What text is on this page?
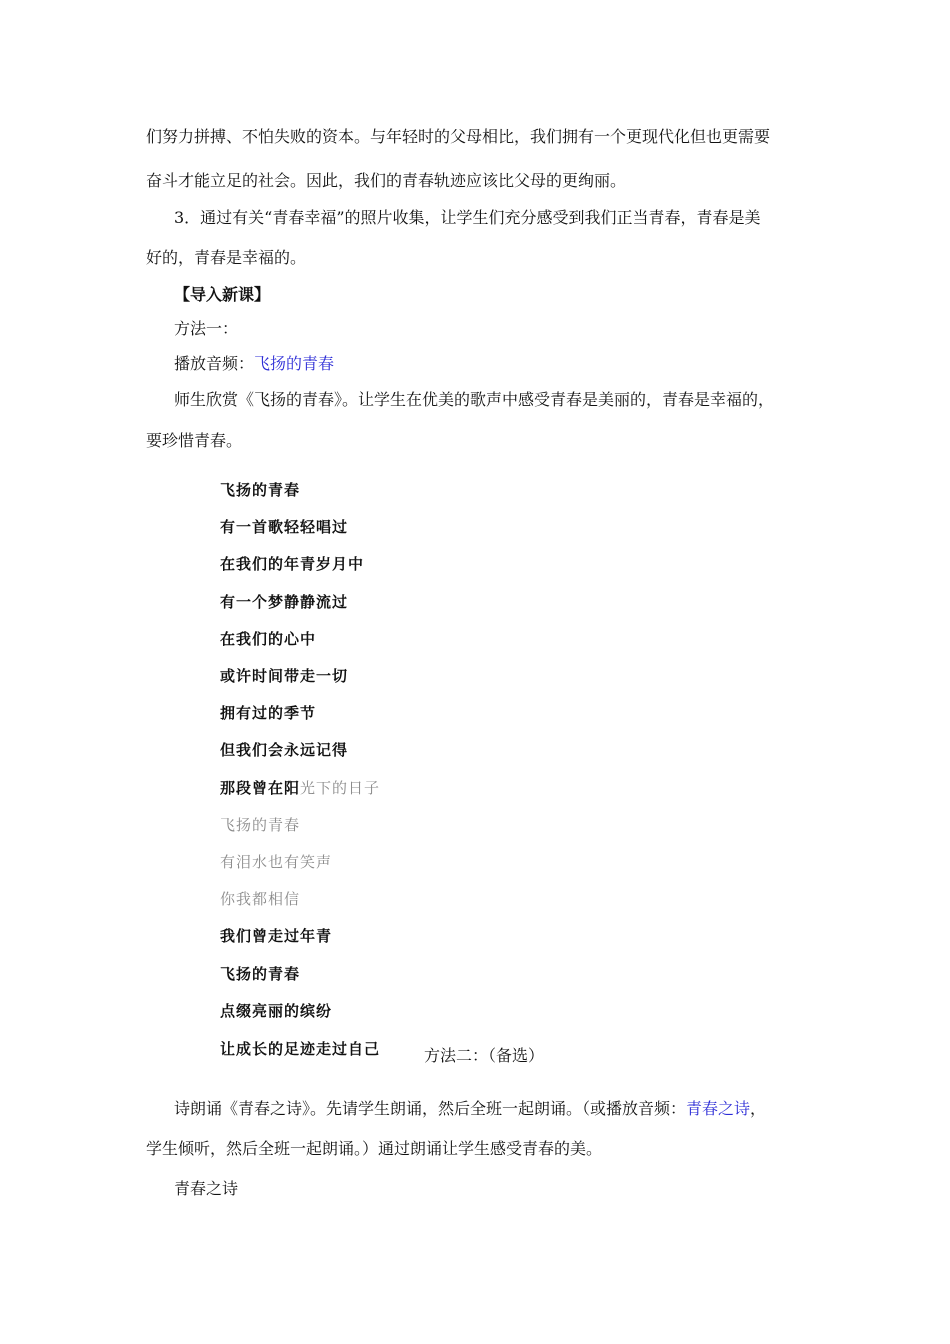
们努力拼搏、不怕失败的资本。与年轻时的父母相比，我们拥有一个更现代化但也更需要
奋斗才能立足的社会。因此，我们的青春轨迹应该比父母的更绚丽。
3．通过有关“青春幸福”的照片收集，让学生们充分感受到我们正当青春，青春是美
好的，青春是幸福的。
【导入新课】
方法一：
播放音频：飞扬的青春
师生欣赏《飞扬的青春》。让学生在优美的歌声中感受青春是美丽的，青春是幸福的，
要珍惜青春。
飞扬的青春
有一首歌轻轻唱过
在我们的年青岁月中
有一个梦静静流过
在我们的心中
或许时间带走一切
拥有过的季节
但我们会永远记得
那段曾在阳光下的日子
飞扬的青春
有泪水也有笑声
你我都相信
我们曾走过年青
飞扬的青春
点缀亮丽的缤纷
让成长的足迹走过自己	方法二：（备选）
诗朗诵《青春之诗》。先请学生朗诵，然后全班一起朗诵。（或播放音频：青春之诗，
学生倾听，然后全班一起朗诵。）通过朗诵让学生感受青春的美。
青春之诗
